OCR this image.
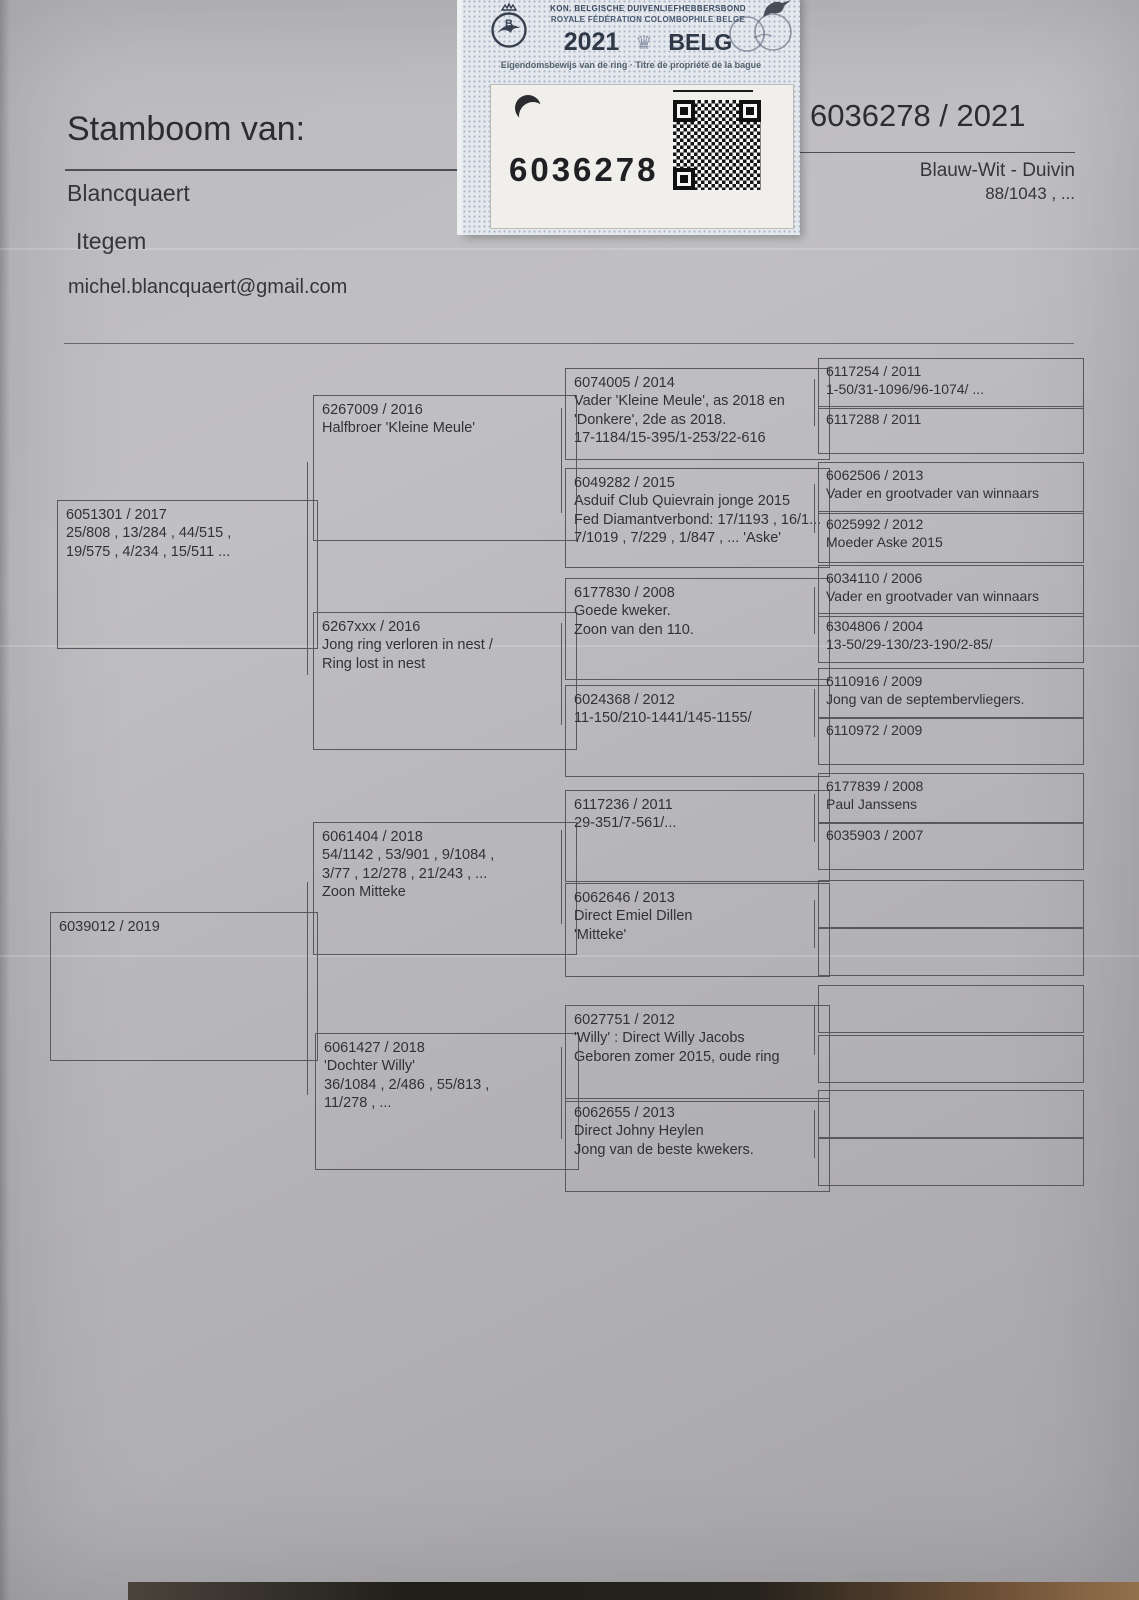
Stamboom van:
Blancquaert
Itegem
michel.blancquaert@gmail.com
6036278 / 2021
Blauw-Wit - Duivin
88/1043 , ...
B
KON. BELGISCHE DUIVENLIEFHEBBERSBOND
ROYALE FÉDÉRATION COLOMBOPHILE BELGE
2021 ♛ BELG
Eigendomsbewijs van de ring · Titre de propriété de la bague
6036278
6051301 / 2017
25/808 , 13/284 , 44/515 ,
19/575 , 4/234 , 15/511 ...
6039012 / 2019
6267009 / 2016
Halfbroer 'Kleine Meule'
6267xxx / 2016
Jong ring verloren in nest /
Ring lost in nest
6061404 / 2018
54/1142 , 53/901 , 9/1084 ,
3/77 , 12/278 , 21/243 , ...
Zoon Mitteke
6061427 / 2018
'Dochter Willy'
36/1084 , 2/486 , 55/813 ,
11/278 , ...
6074005 / 2014
Vader 'Kleine Meule', as 2018 en
'Donkere', 2de as 2018.
17-1184/15-395/1-253/22-616
6049282 / 2015
Asduif Club Quievrain jonge 2015
Fed Diamantverbond: 17/1193 , 16/1...
7/1019 , 7/229 , 1/847 , ... 'Aske'
6177830 / 2008
Goede kweker.
Zoon van den 110.
6024368 / 2012
11-150/210-1441/145-1155/
6117236 / 2011
29-351/7-561/...
6062646 / 2013
Direct Emiel Dillen
'Mitteke'
6027751 / 2012
'Willy' : Direct Willy Jacobs
Geboren zomer 2015, oude ring
6062655 / 2013
Direct Johny Heylen
Jong van de beste kwekers.
6117254 / 2011
1-50/31-1096/96-1074/ ...
6117288 / 2011
6062506 / 2013
Vader en grootvader van winnaars
6025992 / 2012
Moeder Aske 2015
6034110 / 2006
Vader en grootvader van winnaars
6304806 / 2004
13-50/29-130/23-190/2-85/
6110916 / 2009
Jong van de septembervliegers.
6110972 / 2009
6177839 / 2008
Paul Janssens
6035903 / 2007
